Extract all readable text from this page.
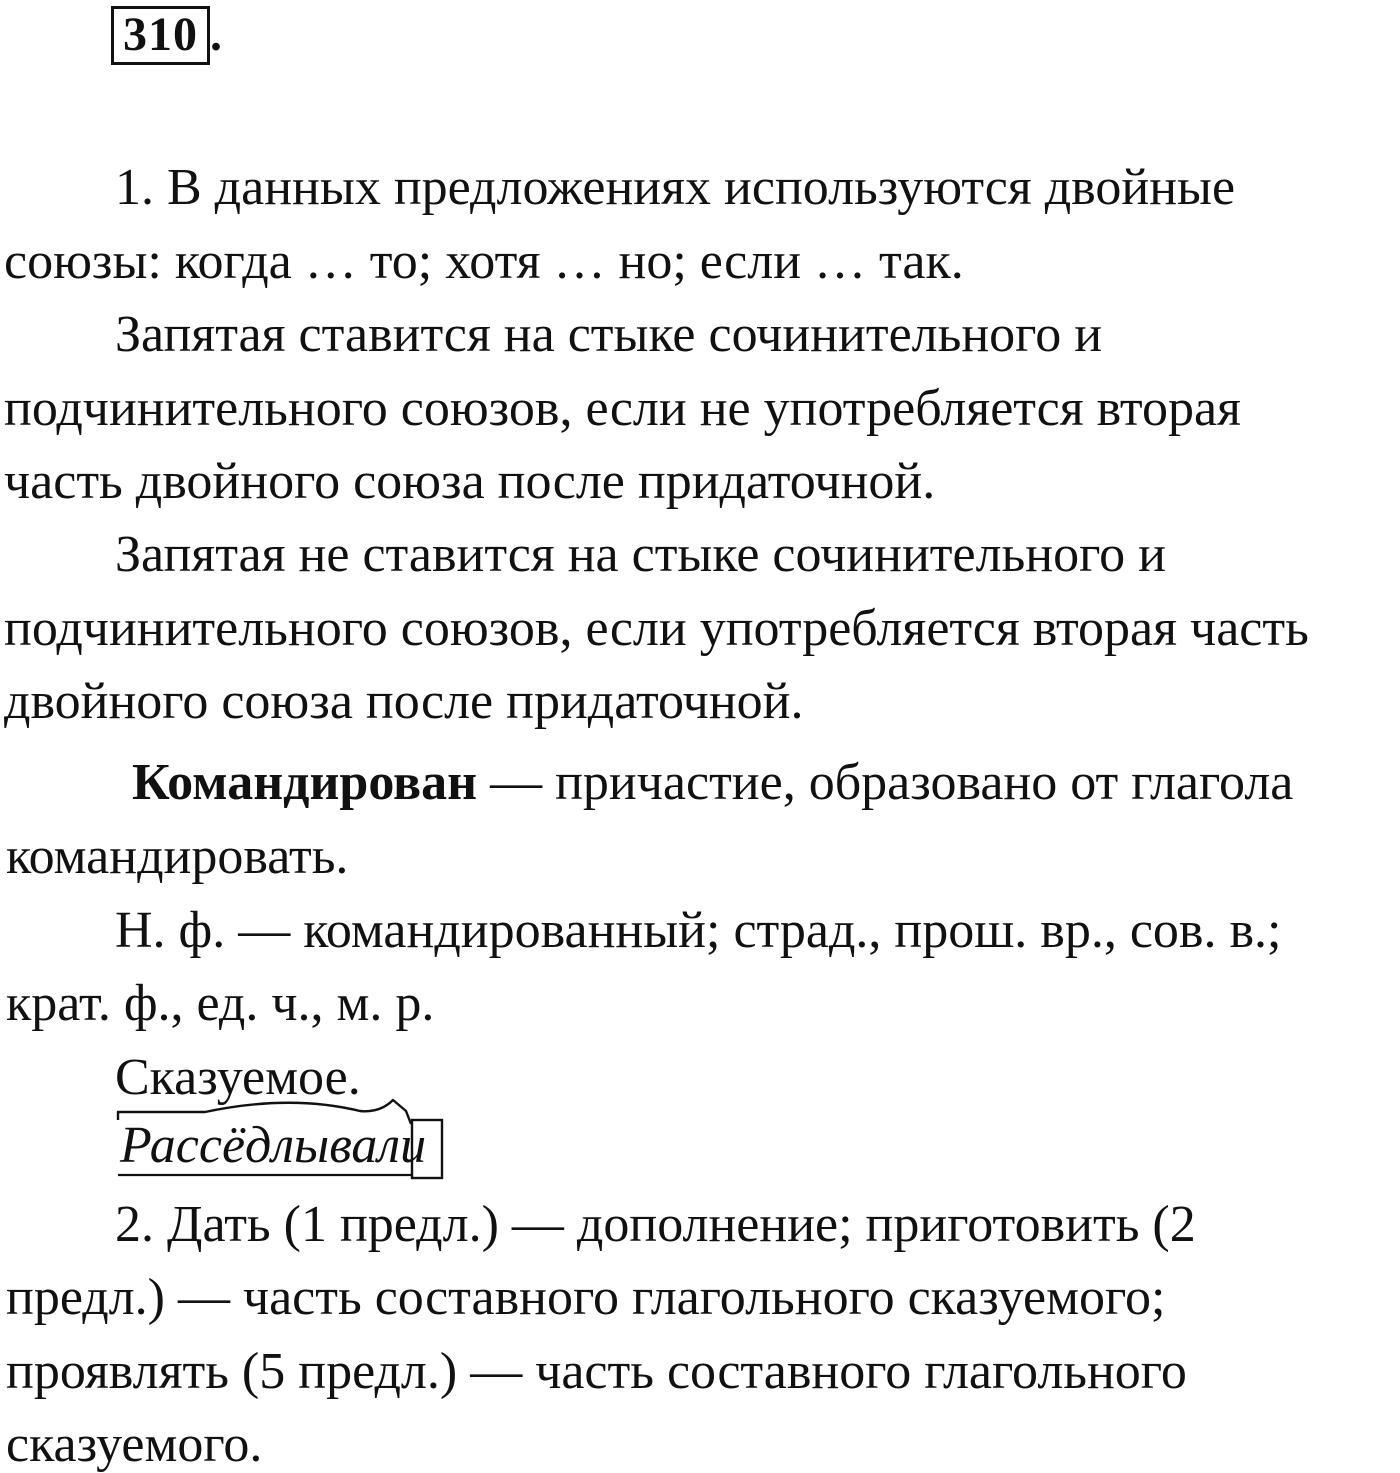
310 .
1. В данных предложениях используются двойные
союзы: когда … то; хотя … но; если … так.
Запятая ставится на стыке сочинительного и
подчинительного союзов, если не употребляется вторая
часть двойного союза после придаточной.
Запятая не ставится на стыке сочинительного и
подчинительного союзов, если употребляется вторая часть
двойного союза после придаточной.
Командирован — причастие, образовано от глагола
командировать.
Н. ф. — командированный; страд., прош. вр., сов. в.;
крат. ф., ед. ч., м. р.
Сказуемое.
Рассёдлывали
2. Дать (1 предл.) — дополнение; приготовить (2
предл.) — часть составного глагольного сказуемого;
проявлять (5 предл.) — часть составного глагольного
сказуемого.
